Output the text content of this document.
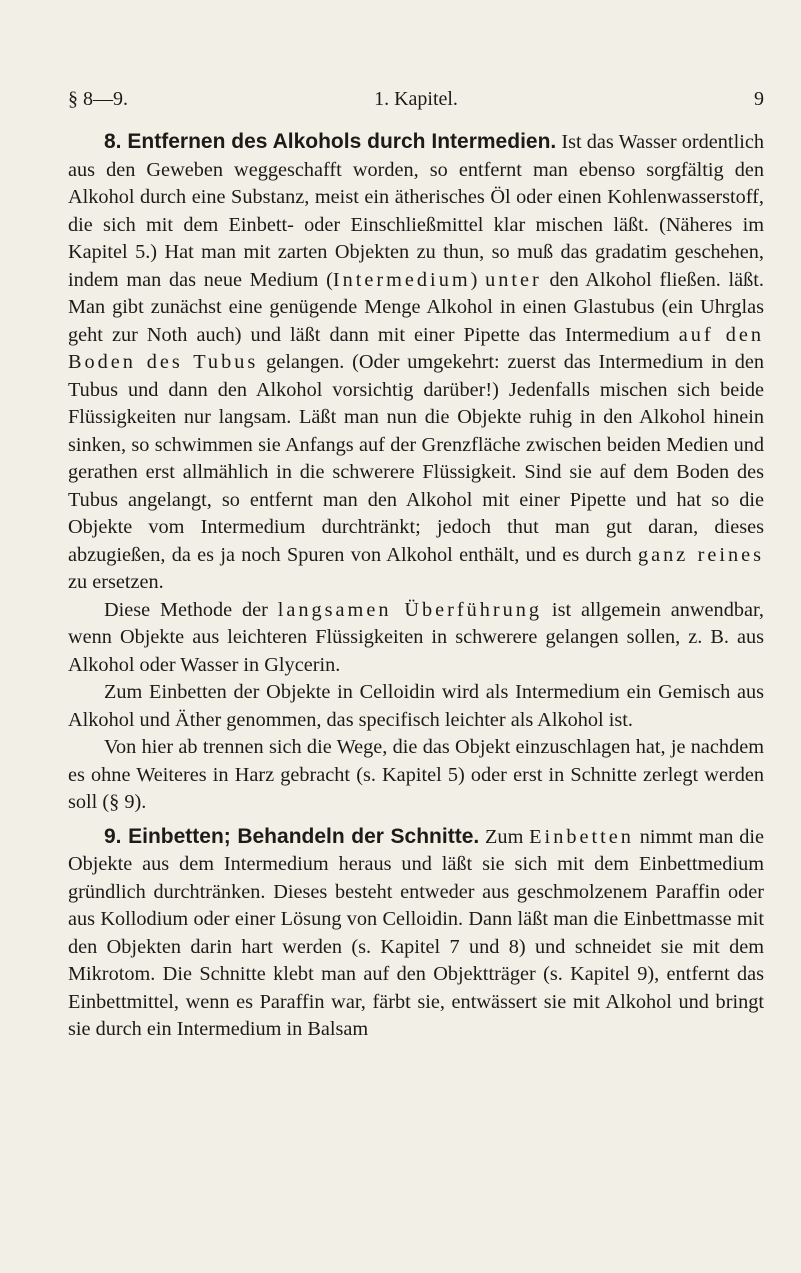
§ 8—9.	1. Kapitel.	9

8. Entfernen des Alkohols durch Intermedien. Ist das Wasser ordentlich aus den Geweben weggeschafft worden, so entfernt man ebenso sorgfältig den Alkohol durch eine Substanz, meist ein ätherisches Öl oder einen Kohlenwasserstoff, die sich mit dem Einbett- oder Einschließmittel klar mischen läßt. (Näheres im Kapitel 5.) Hat man mit zarten Objekten zu thun, so muß das gradatim geschehen, indem man das neue Medium (Intermedium) unter den Alkohol fließen. läßt. Man gibt zunächst eine genügende Menge Alkohol in einen Glastubus (ein Uhrglas geht zur Noth auch) und läßt dann mit einer Pipette das Intermedium auf den Boden des Tubus gelangen. (Oder umgekehrt: zuerst das Intermedium in den Tubus und dann den Alkohol vorsichtig darüber!) Jedenfalls mischen sich beide Flüssigkeiten nur langsam. Läßt man nun die Objekte ruhig in den Alkohol hinein sinken, so schwimmen sie Anfangs auf der Grenzfläche zwischen beiden Medien und gerathen erst allmählich in die schwerere Flüssigkeit. Sind sie auf dem Boden des Tubus angelangt, so entfernt man den Alkohol mit einer Pipette und hat so die Objekte vom Intermedium durchtränkt; jedoch thut man gut daran, dieses abzugießen, da es ja noch Spuren von Alkohol enthält, und es durch ganz reines zu ersetzen.

Diese Methode der langsamen Überführung ist allgemein anwendbar, wenn Objekte aus leichteren Flüssigkeiten in schwerere gelangen sollen, z. B. aus Alkohol oder Wasser in Glycerin.

Zum Einbetten der Objekte in Celloidin wird als Intermedium ein Gemisch aus Alkohol und Äther genommen, das specifisch leichter als Alkohol ist.

Von hier ab trennen sich die Wege, die das Objekt einzuschlagen hat, je nachdem es ohne Weiteres in Harz gebracht (s. Kapitel 5) oder erst in Schnitte zerlegt werden soll (§ 9).

9. Einbetten; Behandeln der Schnitte. Zum Einbetten nimmt man die Objekte aus dem Intermedium heraus und läßt sie sich mit dem Einbettmedium gründlich durchtränken. Dieses besteht entweder aus geschmolzenem Paraffin oder aus Kollodium oder einer Lösung von Celloidin. Dann läßt man die Einbettmasse mit den Objekten darin hart werden (s. Kapitel 7 und 8) und schneidet sie mit dem Mikrotom. Die Schnitte klebt man auf den Objektträger (s. Kapitel 9), entfernt das Einbettmittel, wenn es Paraffin war, färbt sie, entwässert sie mit Alkohol und bringt sie durch ein Intermedium in Balsam
